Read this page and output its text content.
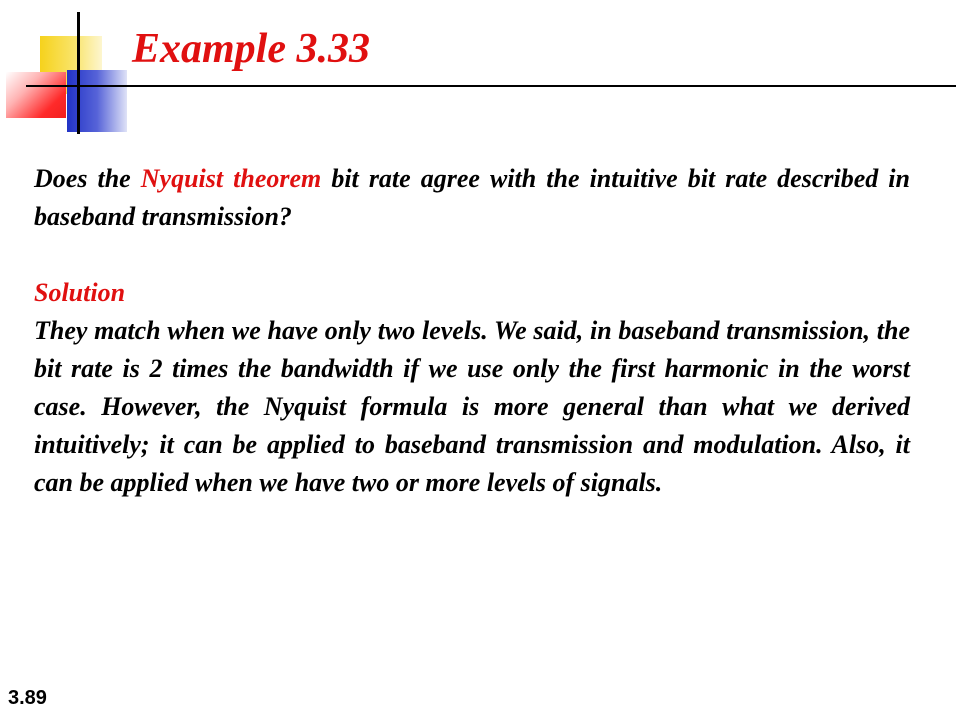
Example 3.33

Does the Nyquist theorem bit rate agree with the intuitive bit rate described in baseband transmission?

Solution

They match when we have only two levels. We said, in baseband transmission, the bit rate is 2 times the bandwidth if we use only the first harmonic in the worst case. However, the Nyquist formula is more general than what we derived intuitively; it can be applied to baseband transmission and modulation. Also, it can be applied when we have two or more levels of signals.

3.89
